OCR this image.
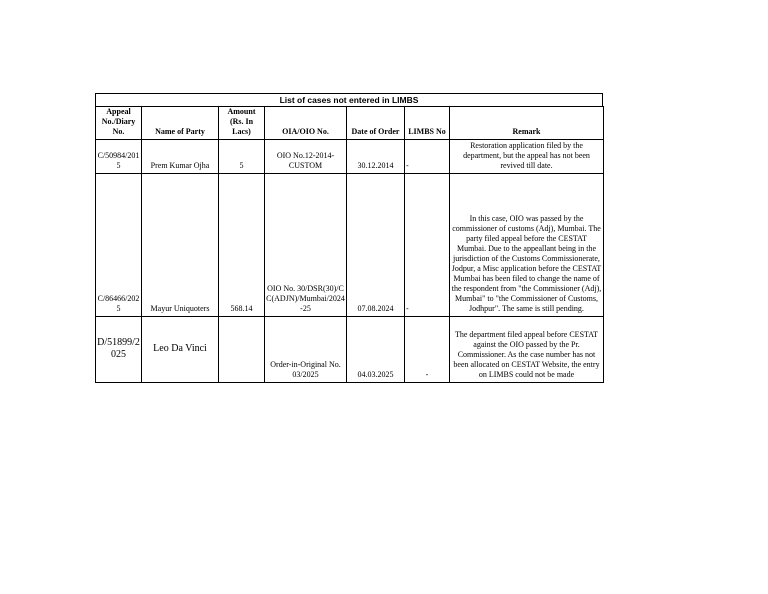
List of cases not entered in LIMBS
Appeal No./Diary No.	Name of Party	Amount (Rs. In Lacs)	OIA/OIO No.	Date of Order	LIMBS No	Remark
C/50984/2015	Prem Kumar Ojha	5	OIO No.12-2014-CUSTOM	30.12.2014	-	Restoration application filed by the department, but the appeal has not been revived till date.
C/86466/2025	Mayur Uniquoters	568.14	OIO No. 30/DSR(30)/CC(ADJN)/Mumbai/2024-25	07.08.2024	-	In this case, OIO was passed by the commissioner of customs (Adj), Mumbai. The party filed appeal before the CESTAT Mumbai. Due to the appeallant being in the jurisdiction of the Customs Commissionerate, Jodpur, a Misc application before the CESTAT Mumbai has been filed to change the name of the respondent from "the Commissioner (Adj), Mumbai" to "the Commissioner of Customs, Jodhpur". The same is still pending.
D/51899/2025	Leo Da Vinci		Order-in-Original No. 03/2025	04.03.2025	-	The department filed appeal before CESTAT against the OIO passed by the Pr. Commissioner. As the case number has not been allocated on CESTAT Website, the entry on LIMBS could not be made
